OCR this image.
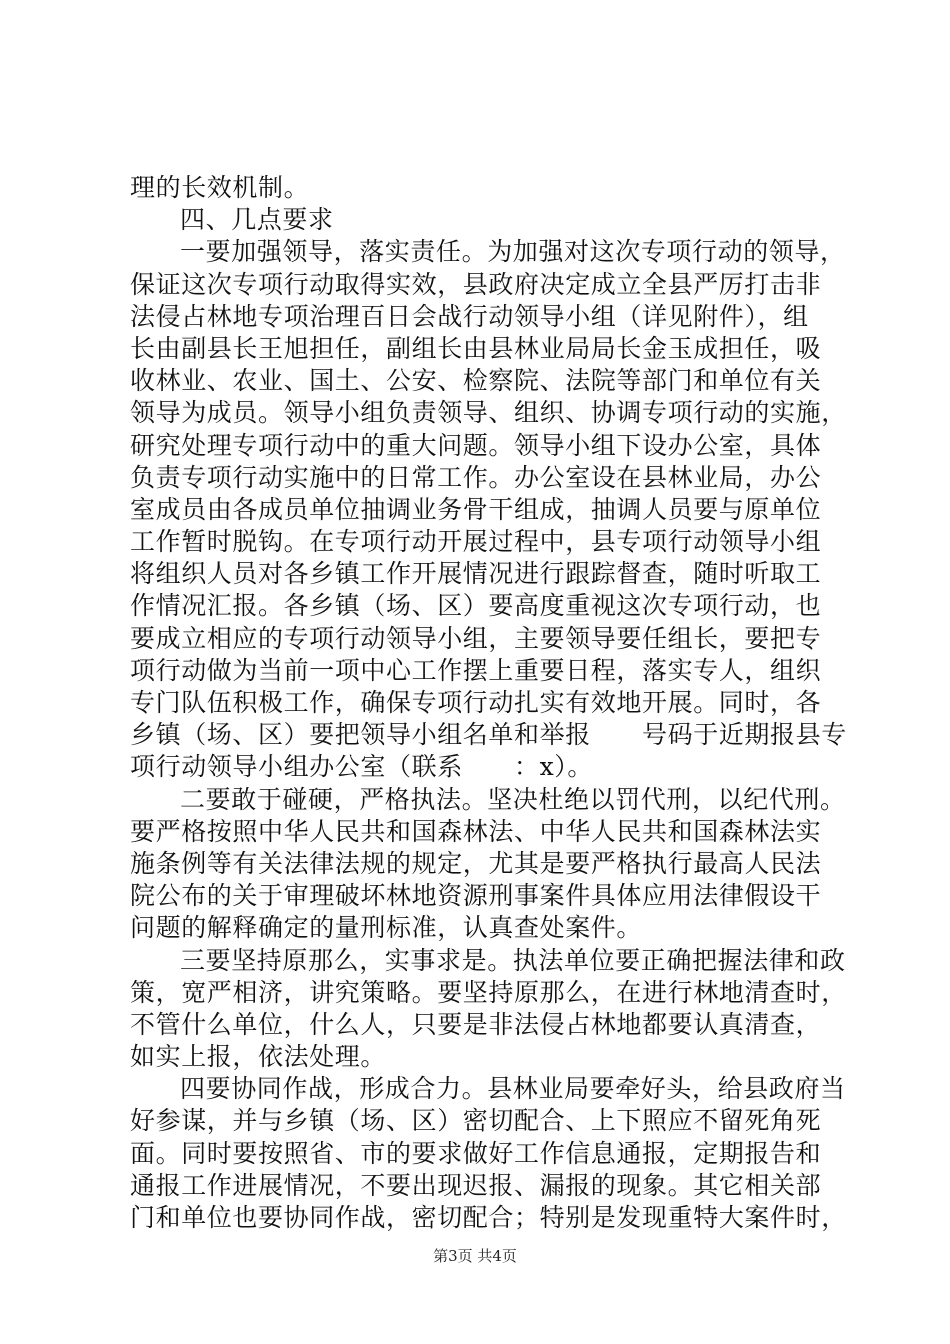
理的长效机制。
四、几点要求
一要加强领导，落实责任。为加强对这次专项行动的领导，
保证这次专项行动取得实效，县政府决定成立全县严厉打击非
法侵占林地专项治理百日会战行动领导小组（详见附件），组
长由副县长王旭担任，副组长由县林业局局长金玉成担任，吸
收林业、农业、国土、公安、检察院、法院等部门和单位有关
领导为成员。领导小组负责领导、组织、协调专项行动的实施，
研究处理专项行动中的重大问题。领导小组下设办公室，具体
负责专项行动实施中的日常工作。办公室设在县林业局，办公
室成员由各成员单位抽调业务骨干组成，抽调人员要与原单位
工作暂时脱钩。在专项行动开展过程中，县专项行动领导小组
将组织人员对各乡镇工作开展情况进行跟踪督查，随时听取工
作情况汇报。各乡镇（场、区）要高度重视这次专项行动，也
要成立相应的专项行动领导小组，主要领导要任组长，要把专
项行动做为当前一项中心工作摆上重要日程，落实专人，组织
专门队伍积极工作，确保专项行动扎实有效地开展。同时，各
乡镇（场、区）要把领导小组名单和举报　　号码于近期报县专
项行动领导小组办公室（联系　　：x）。
二要敢于碰硬，严格执法。坚决杜绝以罚代刑，以纪代刑。
要严格按照中华人民共和国森林法、中华人民共和国森林法实
施条例等有关法律法规的规定，尤其是要严格执行最高人民法
院公布的关于审理破坏林地资源刑事案件具体应用法律假设干
问题的解释确定的量刑标准，认真查处案件。
三要坚持原那么，实事求是。执法单位要正确把握法律和政
策，宽严相济，讲究策略。要坚持原那么，在进行林地清查时，
不管什么单位，什么人，只要是非法侵占林地都要认真清查，
如实上报，依法处理。
四要协同作战，形成合力。县林业局要牵好头，给县政府当
好参谋，并与乡镇（场、区）密切配合、上下照应不留死角死
面。同时要按照省、市的要求做好工作信息通报，定期报告和
通报工作进展情况，不要出现迟报、漏报的现象。其它相关部
门和单位也要协同作战，密切配合；特别是发现重特大案件时，
第3页 共4页
